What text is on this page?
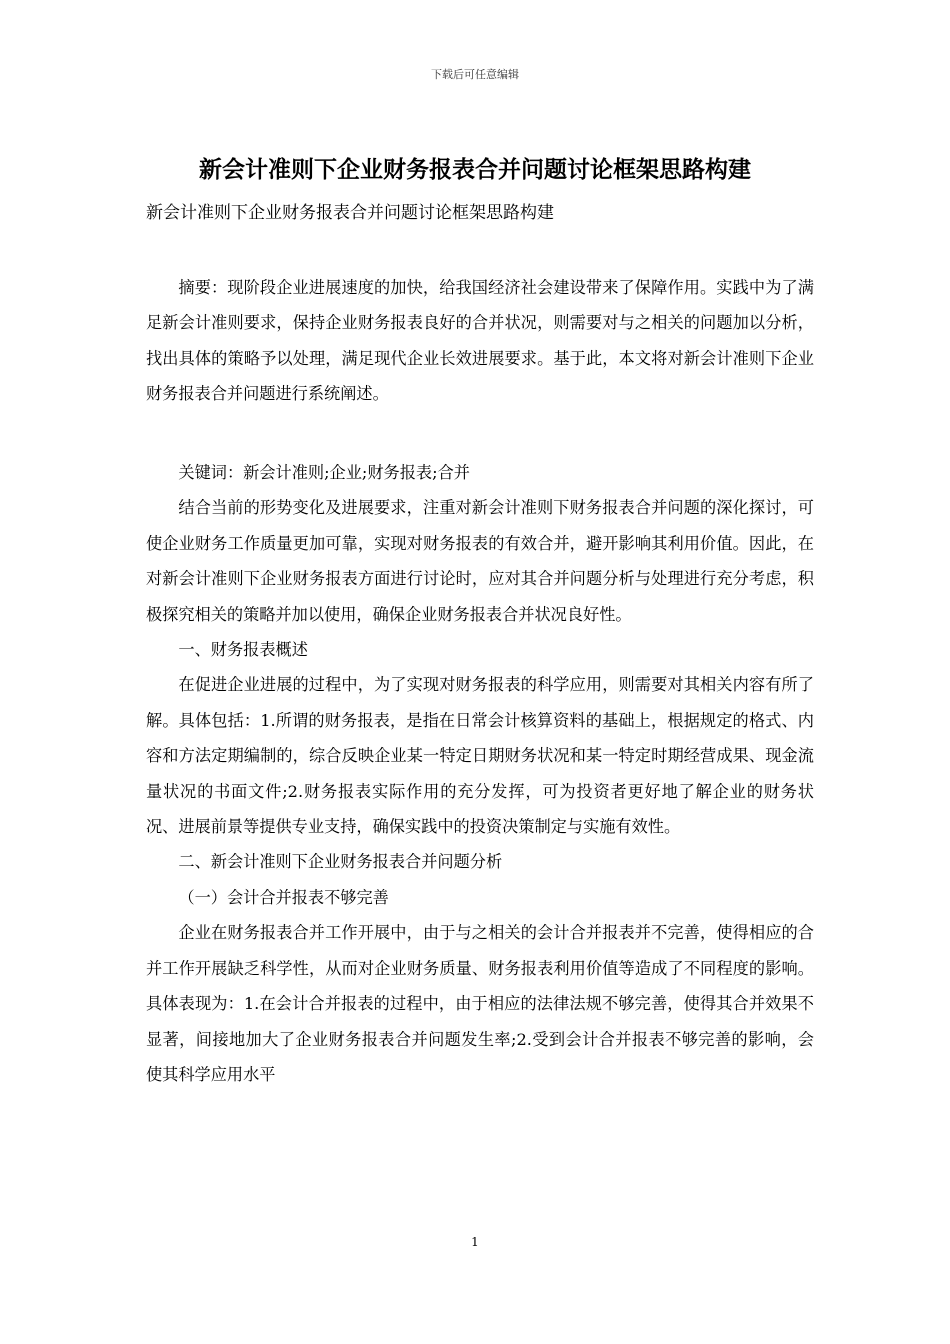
下载后可任意编辑
新会计准则下企业财务报表合并问题讨论框架思路构建
新会计准则下企业财务报表合并问题讨论框架思路构建

摘要：现阶段企业进展速度的加快，给我国经济社会建设带来了保障作用。实践中为了满足新会计准则要求，保持企业财务报表良好的合并状况，则需要对与之相关的问题加以分析，找出具体的策略予以处理，满足现代企业长效进展要求。基于此，本文将对新会计准则下企业财务报表合并问题进行系统阐述。

关键词：新会计准则;企业;财务报表;合并

结合当前的形势变化及进展要求，注重对新会计准则下财务报表合并问题的深化探讨，可使企业财务工作质量更加可靠，实现对财务报表的有效合并，避开影响其利用价值。因此，在对新会计准则下企业财务报表方面进行讨论时，应对其合并问题分析与处理进行充分考虑，积极探究相关的策略并加以使用，确保企业财务报表合并状况良好性。

一、财务报表概述

在促进企业进展的过程中，为了实现对财务报表的科学应用，则需要对其相关内容有所了解。具体包括：1.所谓的财务报表，是指在日常会计核算资料的基础上，根据规定的格式、内容和方法定期编制的，综合反映企业某一特定日期财务状况和某一特定时期经营成果、现金流量状况的书面文件;2.财务报表实际作用的充分发挥，可为投资者更好地了解企业的财务状况、进展前景等提供专业支持，确保实践中的投资决策制定与实施有效性。

二、新会计准则下企业财务报表合并问题分析

（一）会计合并报表不够完善

企业在财务报表合并工作开展中，由于与之相关的会计合并报表并不完善，使得相应的合并工作开展缺乏科学性，从而对企业财务质量、财务报表利用价值等造成了不同程度的影响。具体表现为：1.在会计合并报表的过程中，由于相应的法律法规不够完善，使得其合并效果不显著，间接地加大了企业财务报表合并问题发生率;2.受到会计合并报表不够完善的影响，会使其科学应用水平

1
